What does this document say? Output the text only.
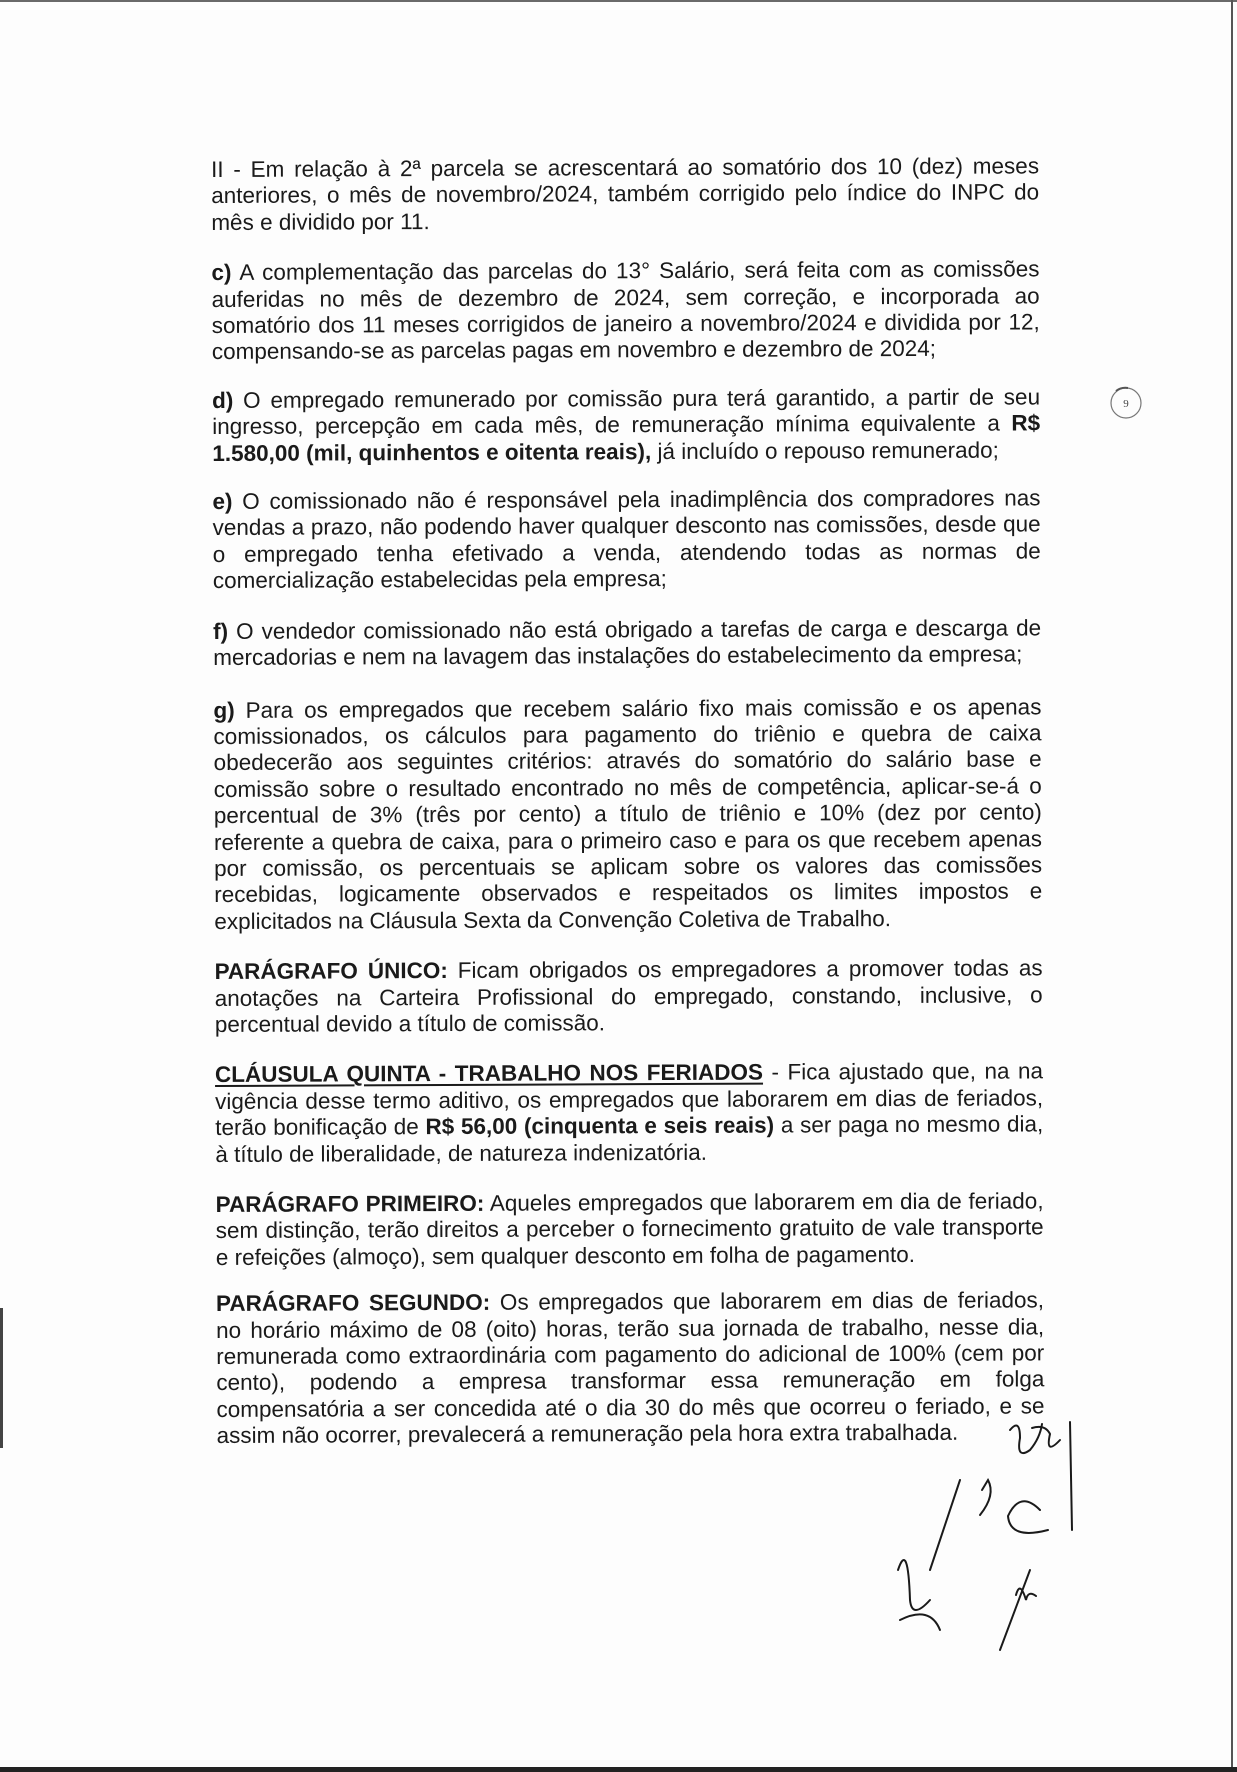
II - Em relação à 2ª parcela se acrescentará ao somatório dos 10 (dez) meses anteriores, o mês de novembro/2024, também corrigido pelo índice do INPC do mês e dividido por 11.

c) A complementação das parcelas do 13° Salário, será feita com as comissões auferidas no mês de dezembro de 2024, sem correção, e incorporada ao somatório dos 11 meses corrigidos de janeiro a novembro/2024 e dividida por 12, compensando-se as parcelas pagas em novembro e dezembro de 2024;

d) O empregado remunerado por comissão pura terá garantido, a partir de seu ingresso, percepção em cada mês, de remuneração mínima equivalente a R$ 1.580,00 (mil, quinhentos e oitenta reais), já incluído o repouso remunerado;

e) O comissionado não é responsável pela inadimplência dos compradores nas vendas a prazo, não podendo haver qualquer desconto nas comissões, desde que o empregado tenha efetivado a venda, atendendo todas as normas de comercialização estabelecidas pela empresa;

f) O vendedor comissionado não está obrigado a tarefas de carga e descarga de mercadorias e nem na lavagem das instalações do estabelecimento da empresa;

g) Para os empregados que recebem salário fixo mais comissão e os apenas comissionados, os cálculos para pagamento do triênio e quebra de caixa obedecerão aos seguintes critérios: através do somatório do salário base e comissão sobre o resultado encontrado no mês de competência, aplicar-se-á o percentual de 3% (três por cento) a título de triênio e 10% (dez por cento) referente a quebra de caixa, para o primeiro caso e para os que recebem apenas por comissão, os percentuais se aplicam sobre os valores das comissões recebidas, logicamente observados e respeitados os limites impostos e explicitados na Cláusula Sexta da Convenção Coletiva de Trabalho.

PARÁGRAFO ÚNICO: Ficam obrigados os empregadores a promover todas as anotações na Carteira Profissional do empregado, constando, inclusive, o percentual devido a título de comissão.

CLÁUSULA QUINTA - TRABALHO NOS FERIADOS - Fica ajustado que, na na vigência desse termo aditivo, os empregados que laborarem em dias de feriados, terão bonificação de R$ 56,00 (cinquenta e seis reais) a ser paga no mesmo dia, à título de liberalidade, de natureza indenizatória.

PARÁGRAFO PRIMEIRO: Aqueles empregados que laborarem em dia de feriado, sem distinção, terão direitos a perceber o fornecimento gratuito de vale transporte e refeições (almoço), sem qualquer desconto em folha de pagamento.

PARÁGRAFO SEGUNDO: Os empregados que laborarem em dias de feriados, no horário máximo de 08 (oito) horas, terão sua jornada de trabalho, nesse dia, remunerada como extraordinária com pagamento do adicional de 100% (cem por cento), podendo a empresa transformar essa remuneração em folga compensatória a ser concedida até o dia 30 do mês que ocorreu o feriado, e se assim não ocorrer, prevalecerá a remuneração pela hora extra trabalhada.

9
